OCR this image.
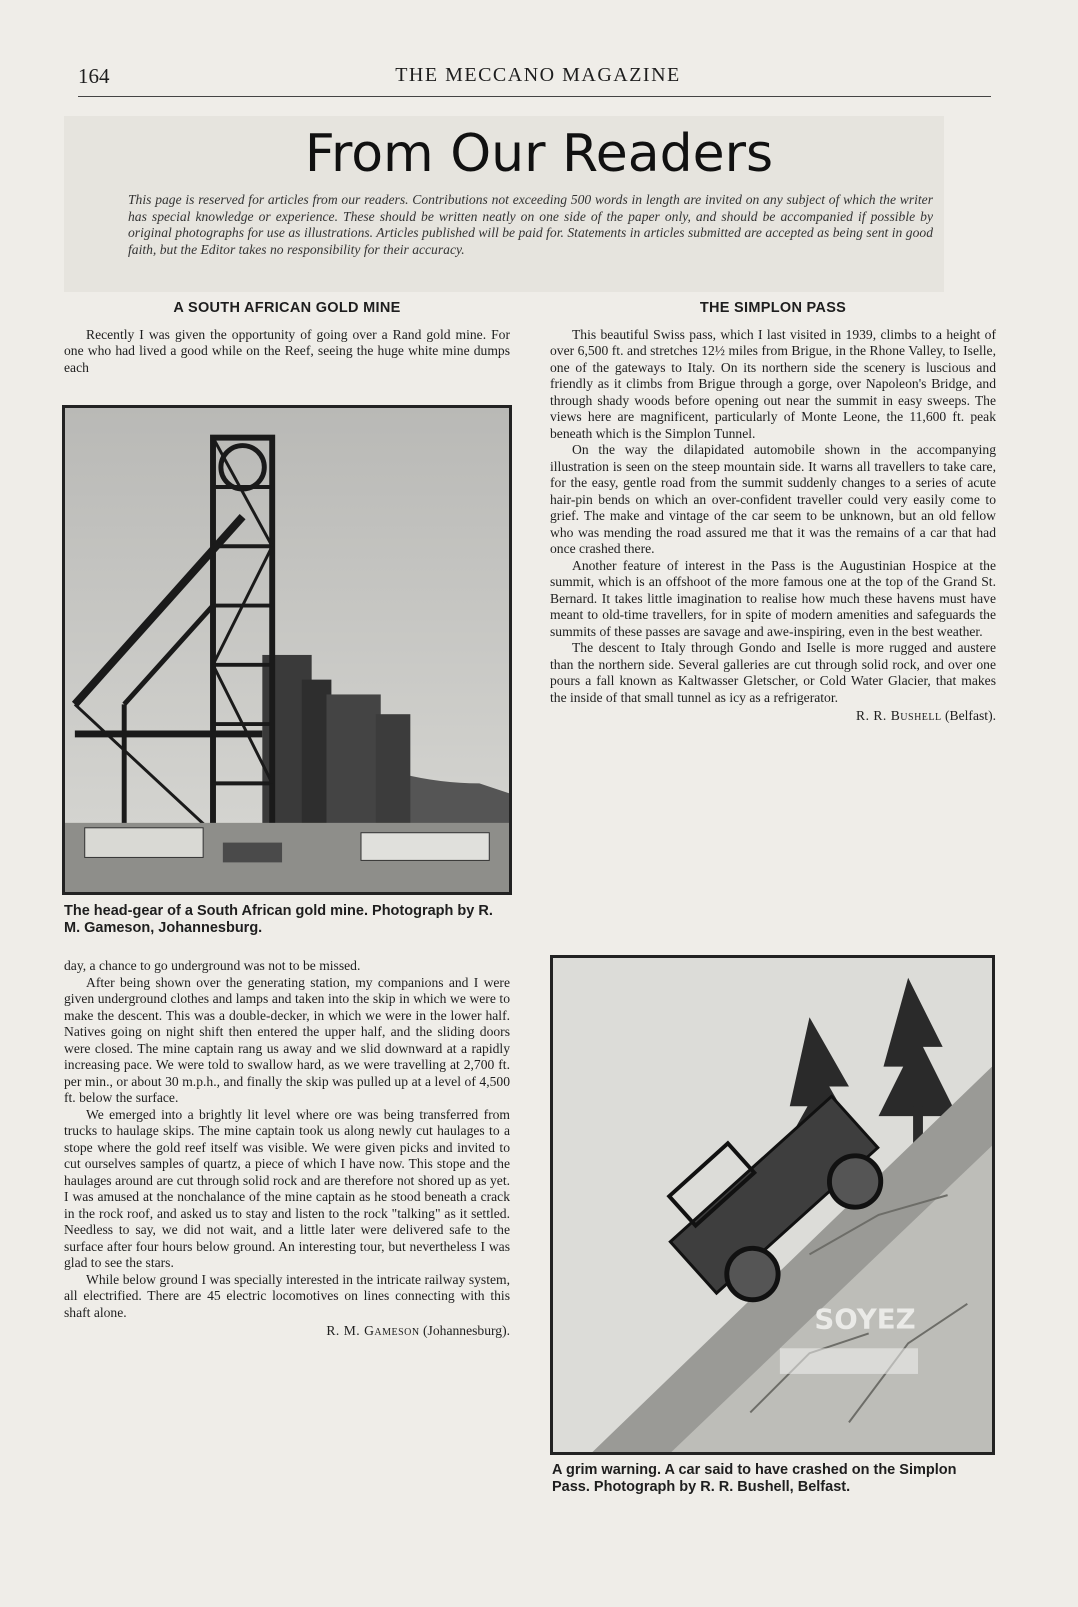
164	THE MECCANO MAGAZINE
From Our Readers

This page is reserved for articles from our readers. Contributions not exceeding 500 words in length are invited on any subject of which the writer has special knowledge or experience. These should be written neatly on one side of the paper only, and should be accompanied if possible by original photographs for use as illustrations. Articles published will be paid for. Statements in articles submitted are accepted as being sent in good faith, but the Editor takes no responsibility for their accuracy.

A SOUTH AFRICAN GOLD MINE

Recently I was given the opportunity of going over a Rand gold mine. For one who had lived a good while on the Reef, seeing the huge white mine dumps each

The head-gear of a South African gold mine. Photograph by R. M. Gameson, Johannesburg.

day, a chance to go underground was not to be missed.

After being shown over the generating station, my companions and I were given underground clothes and lamps and taken into the skip in which we were to make the descent. This was a double-decker, in which we were in the lower half. Natives going on night shift then entered the upper half, and the sliding doors were closed. The mine captain rang us away and we slid downward at a rapidly increasing pace. We were told to swallow hard, as we were travelling at 2,700 ft. per min., or about 30 m.p.h., and finally the skip was pulled up at a level of 4,500 ft. below the surface.

We emerged into a brightly lit level where ore was being transferred from trucks to haulage skips. The mine captain took us along newly cut haulages to a stope where the gold reef itself was visible. We were given picks and invited to cut ourselves samples of quartz, a piece of which I have now. This stope and the haulages around are cut through solid rock and are therefore not shored up as yet. I was amused at the nonchalance of the mine captain as he stood beneath a crack in the rock roof, and asked us to stay and listen to the rock "talking" as it settled. Needless to say, we did not wait, and a little later were delivered safe to the surface after four hours below ground. An interesting tour, but nevertheless I was glad to see the stars.

While below ground I was specially interested in the intricate railway system, all electrified. There are 45 electric locomotives on lines connecting with this shaft alone.

R. M. Gameson (Johannesburg).
THE SIMPLON PASS

This beautiful Swiss pass, which I last visited in 1939, climbs to a height of over 6,500 ft. and stretches 12½ miles from Brigue, in the Rhone Valley, to Iselle, one of the gateways to Italy. On its northern side the scenery is luscious and friendly as it climbs from Brigue through a gorge, over Napoleon's Bridge, and through shady woods before opening out near the summit in easy sweeps. The views here are magnificent, particularly of Monte Leone, the 11,600 ft. peak beneath which is the Simplon Tunnel.

On the way the dilapidated automobile shown in the accompanying illustration is seen on the steep mountain side. It warns all travellers to take care, for the easy, gentle road from the summit suddenly changes to a series of acute hair-pin bends on which an over-confident traveller could very easily come to grief. The make and vintage of the car seem to be unknown, but an old fellow who was mending the road assured me that it was the remains of a car that had once crashed there.

Another feature of interest in the Pass is the Augustinian Hospice at the summit, which is an offshoot of the more famous one at the top of the Grand St. Bernard. It takes little imagination to realise how much these havens must have meant to old-time travellers, for in spite of modern amenities and safeguards the summits of these passes are savage and awe-inspiring, even in the best weather.

The descent to Italy through Gondo and Iselle is more rugged and austere than the northern side. Several galleries are cut through solid rock, and over one pours a fall known as Kaltwasser Gletscher, or Cold Water Glacier, that makes the inside of that small tunnel as icy as a refrigerator.

R. R. Bushell (Belfast).
SOYEZ

A grim warning. A car said to have crashed on the Simplon Pass. Photograph by R. R. Bushell, Belfast.
